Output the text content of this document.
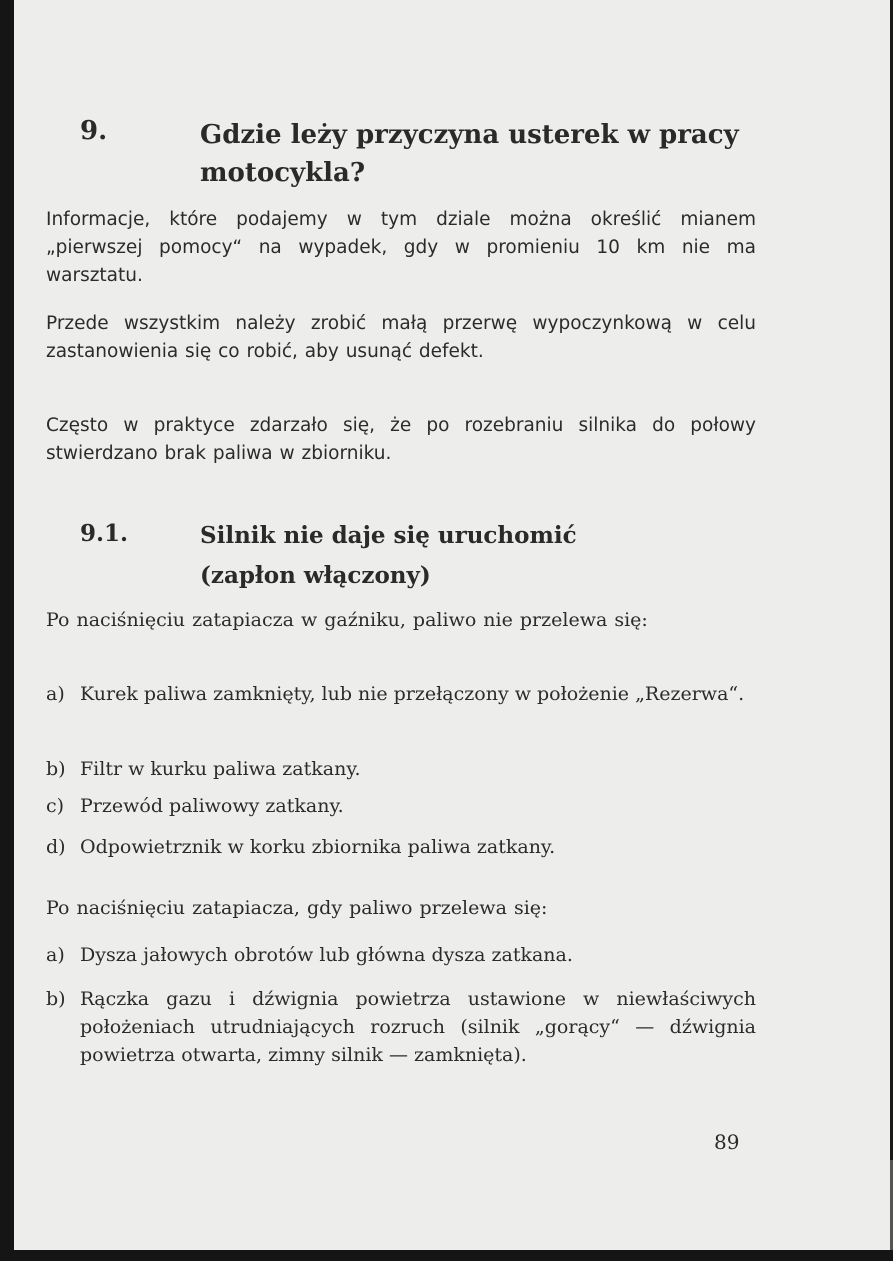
9.	Gdzie leży przyczyna usterek w pracy motocykla?
Informacje, które podajemy w tym dziale można określić mianem „pierwszej pomocy“ na wypadek, gdy w promieniu 10 km nie ma warsztatu.
Przede wszystkim należy zrobić małą przerwę wypoczynkową w celu zastanowienia się co robić, aby usunąć defekt.
Często w praktyce zdarzało się, że po rozebraniu silnika do połowy stwierdzano brak paliwa w zbiorniku.
9.1.	Silnik nie daje się uruchomić
(zapłon włączony)
Po naciśnięciu zatapiacza w gaźniku, paliwo nie przelewa się:
a) Kurek paliwa zamknięty, lub nie przełączony w położenie „Rezerwa“.
b) Filtr w kurku paliwa zatkany.
c) Przewód paliwowy zatkany.
d) Odpowietrznik w korku zbiornika paliwa zatkany.
Po naciśnięciu zatapiacza, gdy paliwo przelewa się:
a) Dysza jałowych obrotów lub główna dysza zatkana.
b) Rączka gazu i dźwignia powietrza ustawione w niewłaściwych położeniach utrudniających rozruch (silnik „gorący“ — dźwignia powietrza otwarta, zimny silnik — zamknięta).
89
